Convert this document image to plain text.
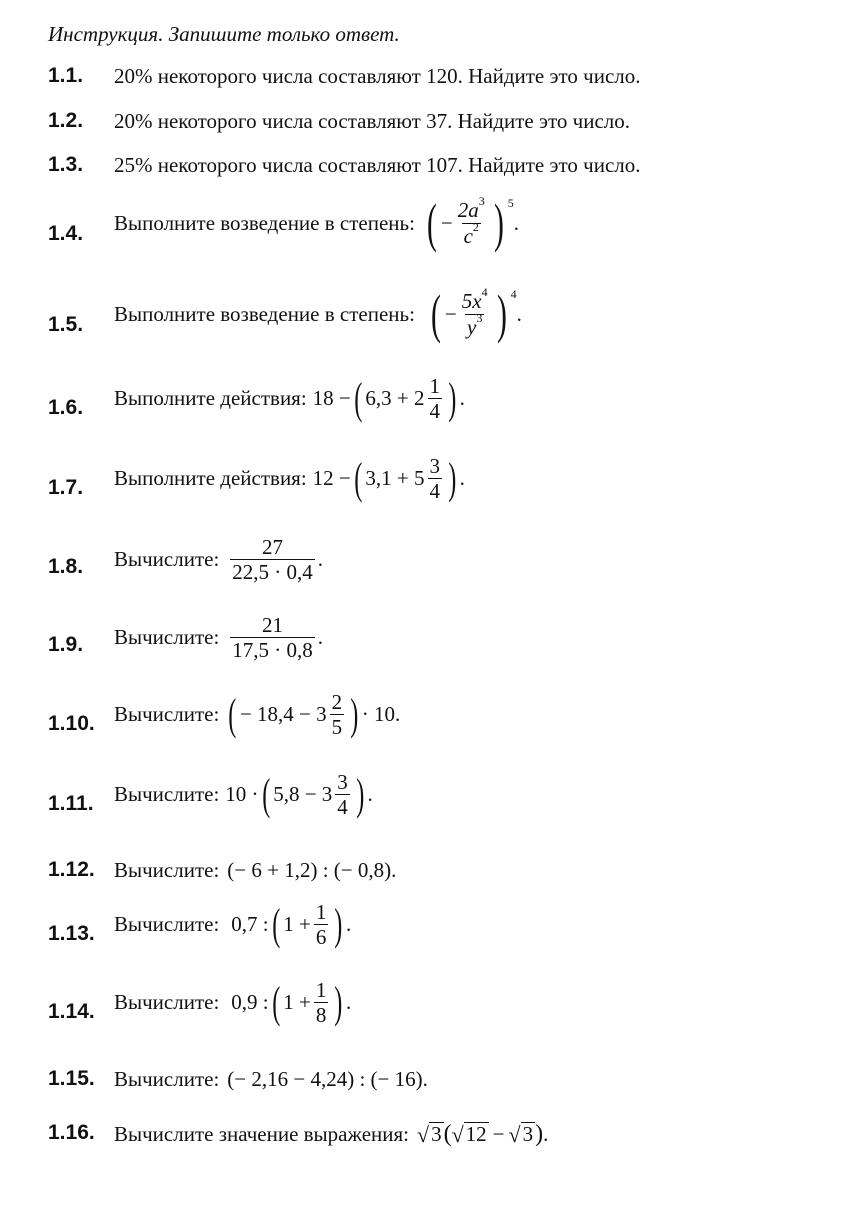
Инструкция. Запишите только ответ.
1.1. 20% некоторого числа составляют 120. Найдите это число.
1.2. 20% некоторого числа составляют 37. Найдите это число.
1.3. 25% некоторого числа составляют 107. Найдите это число.
1.4. Выполните возведение в степень: ( − $\frac{2a^3}{c^2}$ ) 5
.
1.5. Выполните возведение в степень: ( − $\frac{5x^4}{y^3}$ ) 4
.
1.6. Выполните действия: 18 − ( $6,3 + 2 \frac{1}{4}$ ) .
1.7. Выполните действия: 12 − ( $3,1 + 5 \frac{3}{4}$ ) .
1.8. Вычислите: $\frac{27}{22,5 \cdot 0,4}$ .
1.9. Вычислите: $\frac{21}{17,5 \cdot 0,8}$ .
1.10. Вычислите: ( − $18,4 - 3 \frac{2}{5}$ ) · 10.
1.11. Вычислите: 10 · ( $5,8 - 3 \frac{3}{4}$ ) .
1.12. Вычислите: (− 6 + 1,2) : (− 0,8).
1.13. Вычислите: 0,7 : ( $1 + \frac{1}{6}$ ) .
1.14. Вычислите: 0,9 : ( $1 + \frac{1}{8}$ ) .
1.15. Вычислите: (− 2,16 − 4,24) : (− 16).
1.16. Вычислите значение выражения: √ 3 ( √ 12 − √ 3 ) .
